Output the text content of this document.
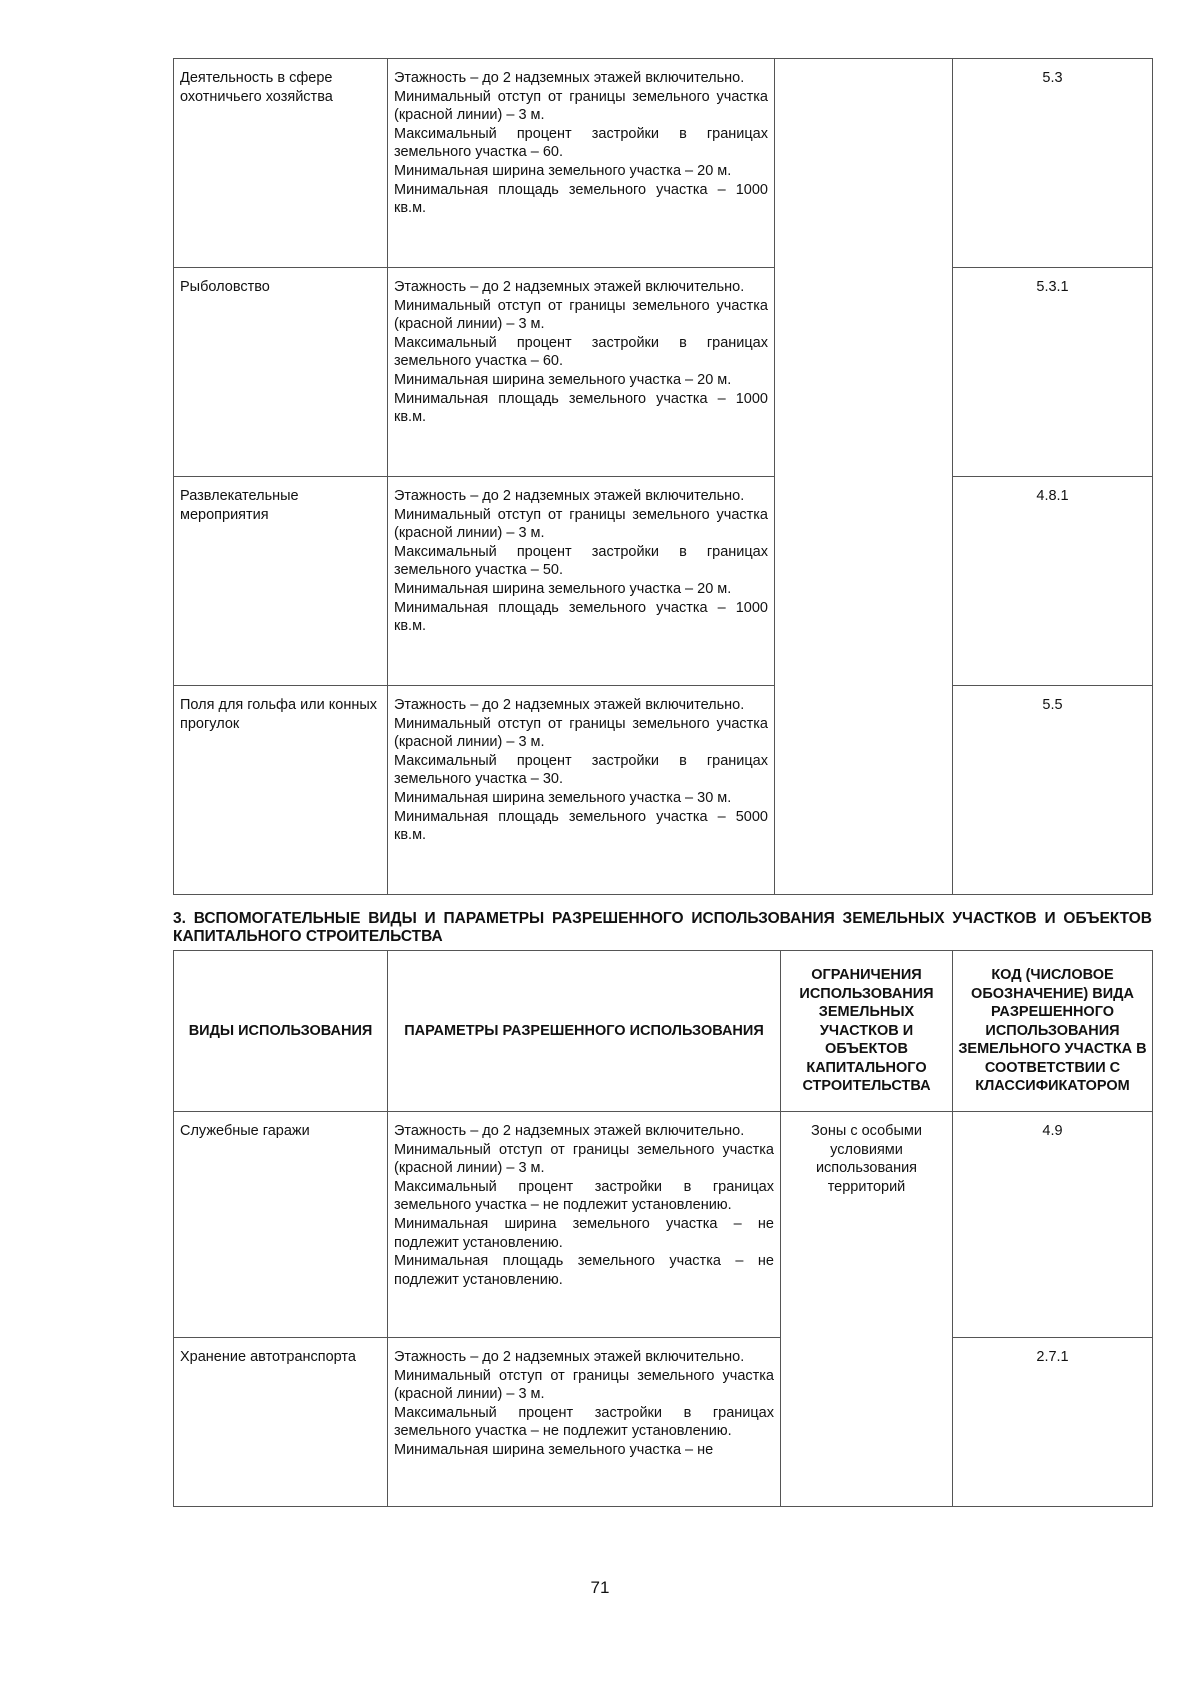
Деятельность в сфере охотничьего хозяйства	Этажность – до 2 надземных этажей включительно.
Минимальный отступ от границы земельного участка (красной линии) – 3 м.
Максимальный процент застройки в границах земельного участка – 60.
Минимальная ширина земельного участка – 20 м.
Минимальная площадь земельного участка – 1000 кв.м.		5.3
Рыболовство	Этажность – до 2 надземных этажей включительно.
Минимальный отступ от границы земельного участка (красной линии) – 3 м.
Максимальный процент застройки в границах земельного участка – 60.
Минимальная ширина земельного участка – 20 м.
Минимальная площадь земельного участка – 1000 кв.м.		5.3.1
Развлекательные мероприятия	Этажность – до 2 надземных этажей включительно.
Минимальный отступ от границы земельного участка (красной линии) – 3 м.
Максимальный процент застройки в границах земельного участка – 50.
Минимальная ширина земельного участка – 20 м.
Минимальная площадь земельного участка – 1000 кв.м.		4.8.1
Поля для гольфа или конных прогулок	Этажность – до 2 надземных этажей включительно.
Минимальный отступ от границы земельного участка (красной линии) – 3 м.
Максимальный процент застройки в границах земельного участка – 30.
Минимальная ширина земельного участка – 30 м.
Минимальная площадь земельного участка – 5000 кв.м.		5.5
3. ВСПОМОГАТЕЛЬНЫЕ ВИДЫ И ПАРАМЕТРЫ РАЗРЕШЕННОГО ИСПОЛЬЗОВАНИЯ ЗЕМЕЛЬНЫХ УЧАСТКОВ И ОБЪЕКТОВ КАПИТАЛЬНОГО СТРОИТЕЛЬСТВА
ВИДЫ ИСПОЛЬЗОВАНИЯ	ПАРАМЕТРЫ РАЗРЕШЕННОГО ИСПОЛЬЗОВАНИЯ	ОГРАНИЧЕНИЯ ИСПОЛЬЗОВАНИЯ ЗЕМЕЛЬНЫХ УЧАСТКОВ И ОБЪЕКТОВ КАПИТАЛЬНОГО СТРОИТЕЛЬСТВА	КОД (ЧИСЛОВОЕ ОБОЗНАЧЕНИЕ) ВИДА РАЗРЕШЕННОГО ИСПОЛЬЗОВАНИЯ ЗЕМЕЛЬНОГО УЧАСТКА В СООТВЕТСТВИИ С КЛАССИФИКАТОРОМ
Служебные гаражи	Этажность – до 2 надземных этажей включительно.
Минимальный отступ от границы земельного участка (красной линии) – 3 м.
Максимальный процент застройки в границах земельного участка – не подлежит установлению.
Минимальная ширина земельного участка – не подлежит установлению.
Минимальная площадь земельного участка – не подлежит установлению.	Зоны с особыми условиями использования территорий	4.9
Хранение автотранспорта	Этажность – до 2 надземных этажей включительно.
Минимальный отступ от границы земельного участка (красной линии) – 3 м.
Максимальный процент застройки в границах земельного участка – не подлежит установлению.
Минимальная ширина земельного участка – не		2.7.1
71
